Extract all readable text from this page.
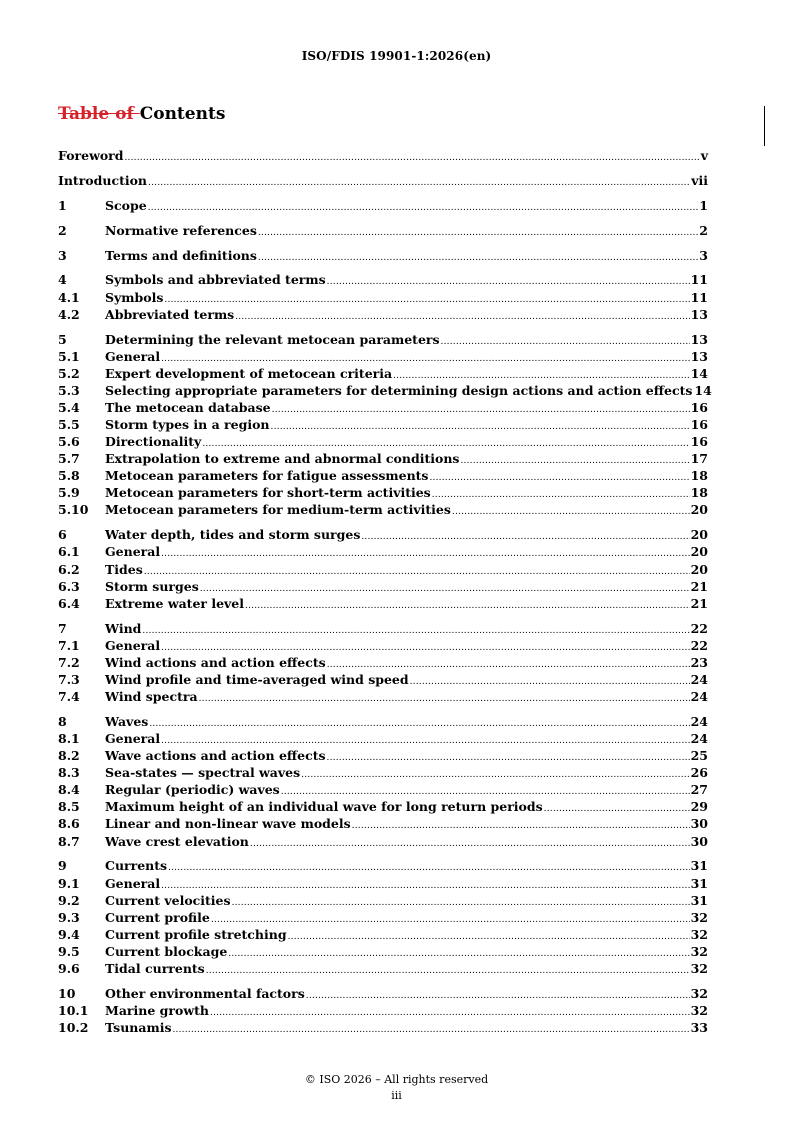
ISO/FDIS 19901-1:2026(en)
Table of Contents
Foreword .....	v
Introduction .....	vii
1	Scope .....	1
2	Normative references .....	2
3	Terms and definitions .....	3
4	Symbols and abbreviated terms .....	11
4.1	Symbols .....	11
4.2	Abbreviated terms .....	13
5	Determining the relevant metocean parameters .....	13
5.1	General .....	13
5.2	Expert development of metocean criteria .....	14
5.3	Selecting appropriate parameters for determining design actions and action effects 14
5.4	The metocean database .....	16
5.5	Storm types in a region .....	16
5.6	Directionality .....	16
5.7	Extrapolation to extreme and abnormal conditions .....	17
5.8	Metocean parameters for fatigue assessments .....	18
5.9	Metocean parameters for short-term activities .....	18
5.10	Metocean parameters for medium-term activities .....	20
6	Water depth, tides and storm surges .....	20
6.1	General .....	20
6.2	Tides .....	20
6.3	Storm surges .....	21
6.4	Extreme water level .....	21
7	Wind .....	22
7.1	General .....	22
7.2	Wind actions and action effects .....	23
7.3	Wind profile and time-averaged wind speed .....	24
7.4	Wind spectra .....	24
8	Waves .....	24
8.1	General .....	24
8.2	Wave actions and action effects .....	25
8.3	Sea-states — spectral waves .....	26
8.4	Regular (periodic) waves .....	27
8.5	Maximum height of an individual wave for long return periods .....	29
8.6	Linear and non-linear wave models .....	30
8.7	Wave crest elevation .....	30
9	Currents .....	31
9.1	General .....	31
9.2	Current velocities .....	31
9.3	Current profile .....	32
9.4	Current profile stretching .....	32
9.5	Current blockage .....	32
9.6	Tidal currents .....	32
10	Other environmental factors .....	32
10.1	Marine growth .....	32
10.2	Tsunamis .....	33
© ISO 2026 – All rights reserved
iii
